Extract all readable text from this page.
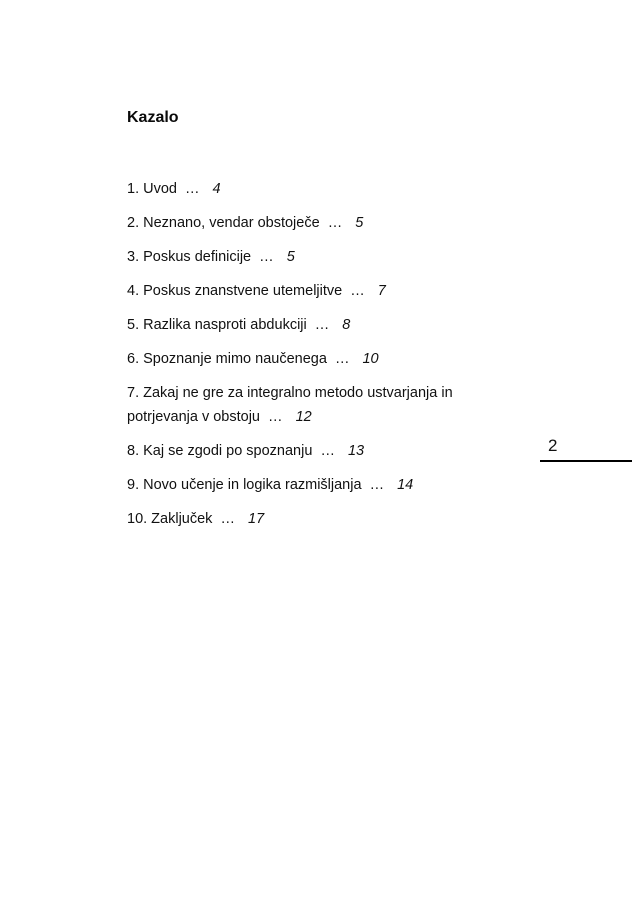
Kazalo

1. Uvod … 4

2. Neznano, vendar obstoječe … 5

3. Poskus definicije … 5

4. Poskus znanstvene utemeljitve … 7

5. Razlika nasproti abdukciji … 8

6. Spoznanje mimo naučenega … 10

7. Zakaj ne gre za integralno metodo ustvarjanja in potrjevanja v obstoju … 12

8. Kaj se zgodi po spoznanju … 13

9. Novo učenje in logika razmišljanja … 14

10. Zaključek … 17

2
